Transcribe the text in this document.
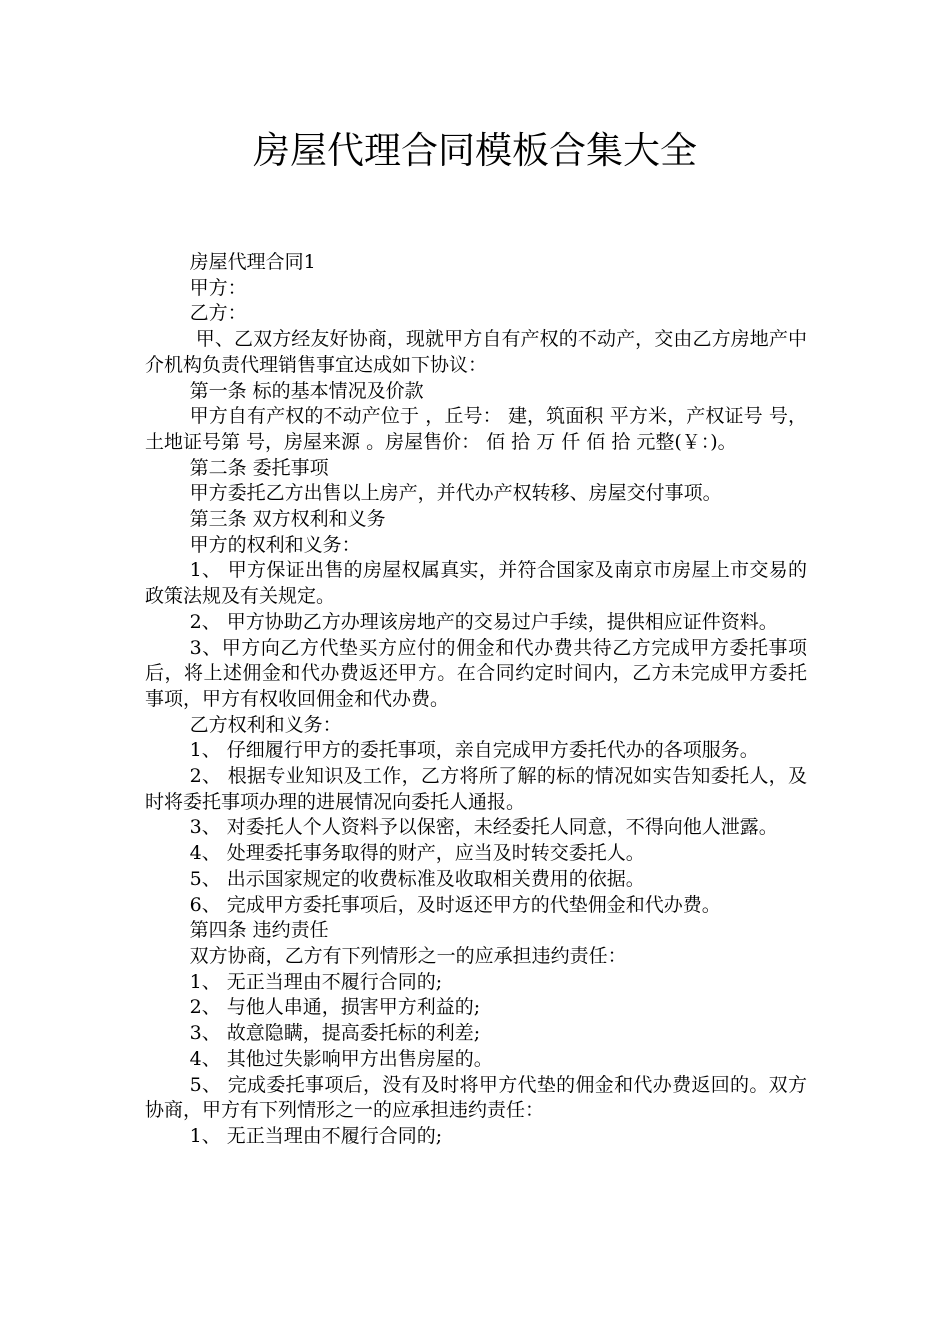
房屋代理合同模板合集大全

房屋代理合同1

甲方：

乙方：

甲、乙双方经友好协商，现就甲方自有产权的不动产，交由乙方房地产中介机构负责代理销售事宜达成如下协议：

第一条 标的基本情况及价款

甲方自有产权的不动产位于 ，丘号： 建，筑面积 平方米，产权证号 号，土地证号第 号，房屋来源 。房屋售价： 佰 拾 万 仟 佰 拾 元整(￥：)。

第二条 委托事项

甲方委托乙方出售以上房产，并代办产权转移、房屋交付事项。

第三条 双方权利和义务

甲方的权利和义务：

1、 甲方保证出售的房屋权属真实，并符合国家及南京市房屋上市交易的政策法规及有关规定。

2、 甲方协助乙方办理该房地产的交易过户手续，提供相应证件资料。

3、甲方向乙方代垫买方应付的佣金和代办费共待乙方完成甲方委托事项后，将上述佣金和代办费返还甲方。在合同约定时间内，乙方未完成甲方委托事项，甲方有权收回佣金和代办费。

乙方权利和义务：

1、 仔细履行甲方的委托事项，亲自完成甲方委托代办的各项服务。

2、 根据专业知识及工作，乙方将所了解的标的情况如实告知委托人，及时将委托事项办理的进展情况向委托人通报。

3、 对委托人个人资料予以保密，未经委托人同意，不得向他人泄露。

4、 处理委托事务取得的财产，应当及时转交委托人。

5、 出示国家规定的收费标准及收取相关费用的依据。

6、 完成甲方委托事项后，及时返还甲方的代垫佣金和代办费。

第四条 违约责任

双方协商，乙方有下列情形之一的应承担违约责任：

1、 无正当理由不履行合同的;

2、 与他人串通，损害甲方利益的;

3、 故意隐瞒，提高委托标的利差;

4、 其他过失影响甲方出售房屋的。

5、 完成委托事项后，没有及时将甲方代垫的佣金和代办费返回的。双方协商，甲方有下列情形之一的应承担违约责任：

1、 无正当理由不履行合同的;
